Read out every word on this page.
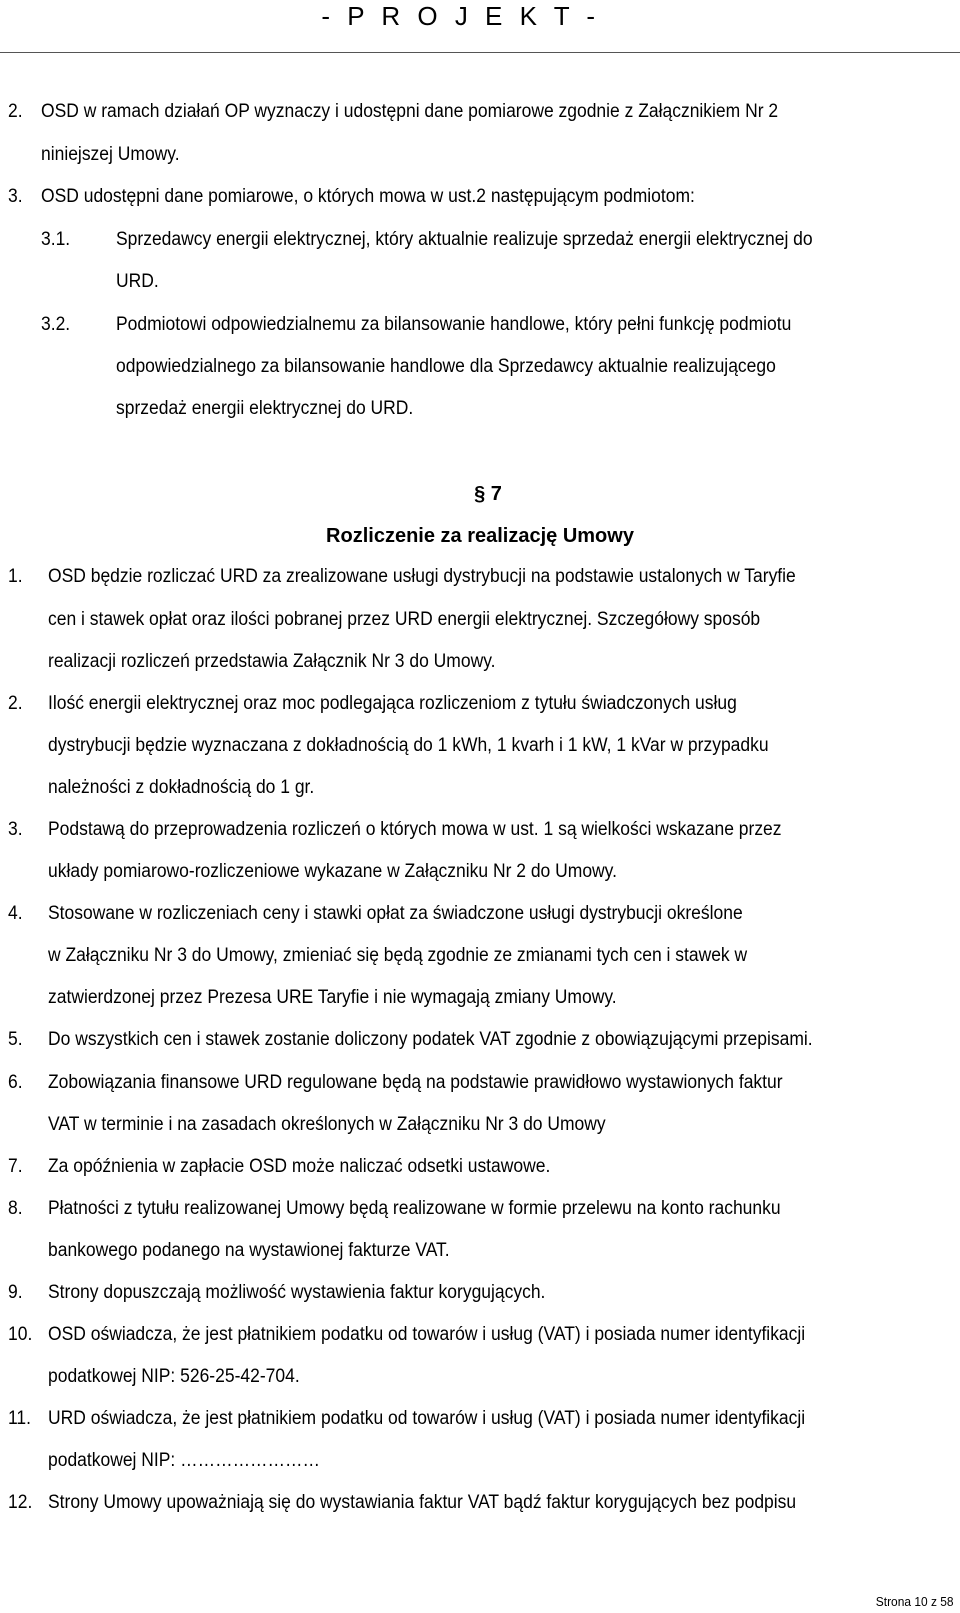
- P R O J E K T -
2. OSD w ramach działań OP wyznaczy i udostępni dane pomiarowe zgodnie z Załącznikiem Nr 2
niniejszej Umowy.
3. OSD udostępni dane pomiarowe, o których mowa w ust.2 następującym podmiotom:
3.1. Sprzedawcy energii elektrycznej, który aktualnie realizuje sprzedaż energii elektrycznej do
URD.
3.2. Podmiotowi odpowiedzialnemu za bilansowanie handlowe, który pełni funkcję podmiotu
odpowiedzialnego za bilansowanie handlowe dla Sprzedawcy aktualnie realizującego
sprzedaż energii elektrycznej do URD.
§ 7
Rozliczenie za realizację Umowy
1. OSD będzie rozliczać URD za zrealizowane usługi dystrybucji na podstawie ustalonych w Taryfie
cen i stawek opłat oraz ilości pobranej przez URD energii elektrycznej. Szczegółowy sposób
realizacji rozliczeń przedstawia Załącznik Nr 3 do Umowy.
2. Ilość energii elektrycznej oraz moc podlegająca rozliczeniom z tytułu świadczonych usług
dystrybucji będzie wyznaczana z dokładnością do 1 kWh, 1 kvarh i 1 kW, 1 kVar w przypadku
należności z dokładnością do 1 gr.
3. Podstawą do przeprowadzenia rozliczeń o których mowa w ust. 1 są wielkości wskazane przez
układy pomiarowo-rozliczeniowe wykazane w Załączniku Nr 2 do Umowy.
4. Stosowane w rozliczeniach ceny i stawki opłat za świadczone usługi dystrybucji określone
w Załączniku Nr 3 do Umowy, zmieniać się będą zgodnie ze zmianami tych cen i stawek w
zatwierdzonej przez Prezesa URE Taryfie i nie wymagają zmiany Umowy.
5. Do wszystkich cen i stawek zostanie doliczony podatek VAT zgodnie z obowiązującymi przepisami.
6. Zobowiązania finansowe URD regulowane będą na podstawie prawidłowo wystawionych faktur
VAT w terminie i na zasadach określonych w Załączniku Nr 3 do Umowy
7. Za opóźnienia w zapłacie OSD może naliczać odsetki ustawowe.
8. Płatności z tytułu realizowanej Umowy będą realizowane w formie przelewu na konto rachunku
bankowego podanego na wystawionej fakturze VAT.
9. Strony dopuszczają możliwość wystawienia faktur korygujących.
10. OSD oświadcza, że jest płatnikiem podatku od towarów i usług (VAT) i posiada numer identyfikacji
podatkowej NIP: 526-25-42-704.
11. URD oświadcza, że jest płatnikiem podatku od towarów i usług (VAT) i posiada numer identyfikacji
podatkowej NIP: ……………………
12. Strony Umowy upoważniają się do wystawiania faktur VAT bądź faktur korygujących bez podpisu
Strona 10 z 58
